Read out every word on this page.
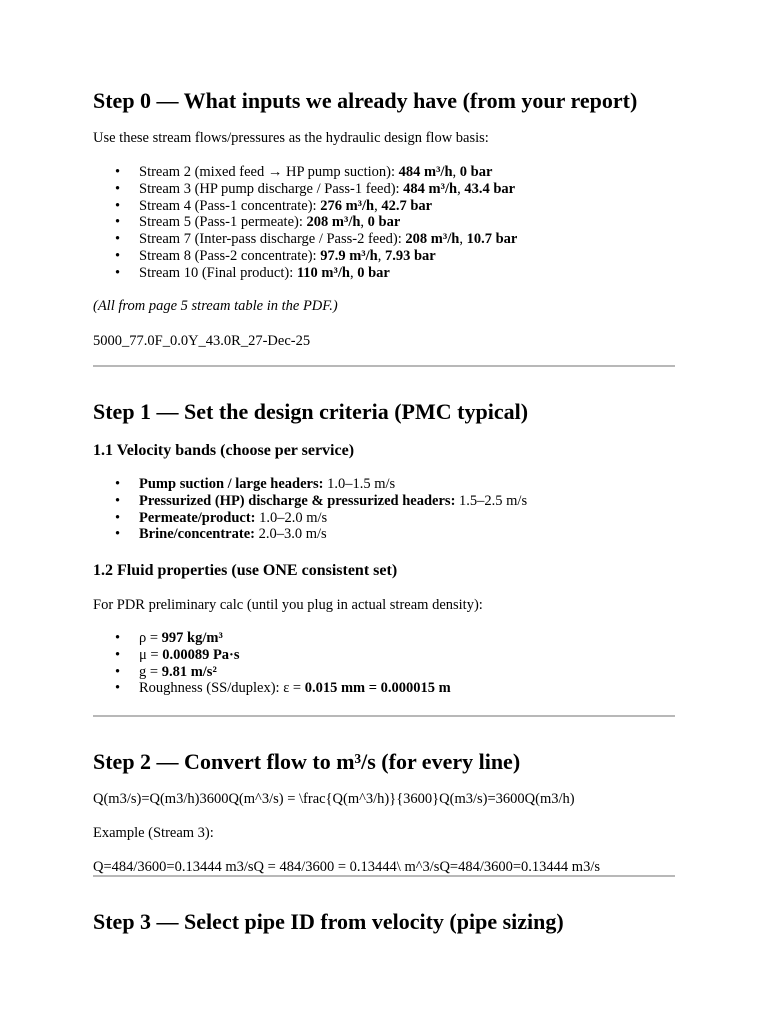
Step 0 — What inputs we already have (from your report)

Use these stream flows/pressures as the hydraulic design flow basis:

• Stream 2 (mixed feed → HP pump suction): 484 m³/h, 0 bar
• Stream 3 (HP pump discharge / Pass-1 feed): 484 m³/h, 43.4 bar
• Stream 4 (Pass-1 concentrate): 276 m³/h, 42.7 bar
• Stream 5 (Pass-1 permeate): 208 m³/h, 0 bar
• Stream 7 (Inter-pass discharge / Pass-2 feed): 208 m³/h, 10.7 bar
• Stream 8 (Pass-2 concentrate): 97.9 m³/h, 7.93 bar
• Stream 10 (Final product): 110 m³/h, 0 bar

(All from page 5 stream table in the PDF.)

5000_77.0F_0.0Y_43.0R_27-Dec-25

Step 1 — Set the design criteria (PMC typical)
1.1 Velocity bands (choose per service)
• Pump suction / large headers: 1.0–1.5 m/s
• Pressurized (HP) discharge & pressurized headers: 1.5–2.5 m/s
• Permeate/product: 1.0–2.0 m/s
• Brine/concentrate: 2.0–3.0 m/s
1.2 Fluid properties (use ONE consistent set)

For PDR preliminary calc (until you plug in actual stream density):

• ρ = 997 kg/m³
• μ = 0.00089 Pa·s
• g = 9.81 m/s²
• Roughness (SS/duplex): ε = 0.015 mm = 0.000015 m
Step 2 — Convert flow to m³/s (for every line)

Q(m3/s)=Q(m3/h)3600Q(m^3/s) = \frac{Q(m^3/h)}{3600}Q(m3/s)=3600Q(m3/h)

Example (Stream 3):

Q=484/3600=0.13444 m3/sQ = 484/3600 = 0.13444\ m^3/sQ=484/3600=0.13444 m3/s

Step 3 — Select pipe ID from velocity (pipe sizing)
